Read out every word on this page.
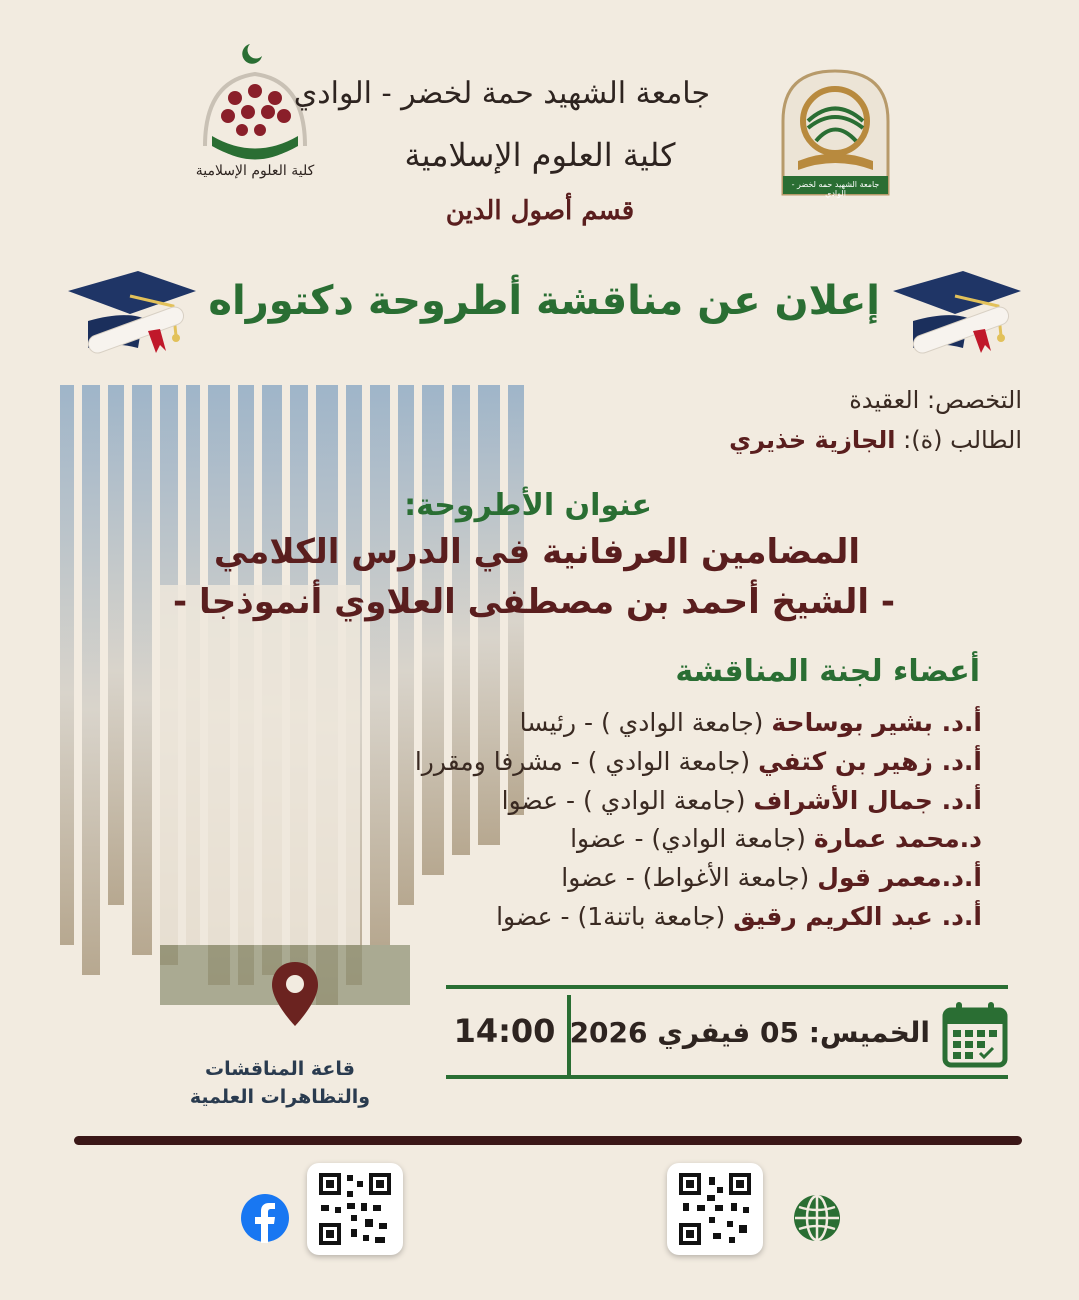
كلية العلوم الإسلامية
جامعة الشهيد حمه لخضر - الوادي
جامعة الشهيد حمة لخضر - الوادي
كلية العلوم الإسلامية
قسم أصول الدين
إعلان عن مناقشة أطروحة دكتوراه
التخصص: العقيدة
الطالب (ة): الجازية خذيري
عنوان الأطروحة:
المضامين العرفانية في الدرس الكلامي
- الشيخ أحمد بن مصطفى العلاوي أنموذجا -
أعضاء لجنة المناقشة
أ.د. بشير بوساحة (جامعة الوادي ) - رئيسا
أ.د. زهير بن كتفي (جامعة الوادي ) - مشرفا ومقررا
أ.د. جمال الأشراف (جامعة الوادي ) - عضوا
د.محمد عمارة (جامعة الوادي) - عضوا
أ.د.معمر قول (جامعة الأغواط) - عضوا
أ.د. عبد الكريم رقيق (جامعة باتنة1) - عضوا
الخميس: 05 فيفري 2026
14:00
قاعة المناقشات
والتظاهرات العلمية
